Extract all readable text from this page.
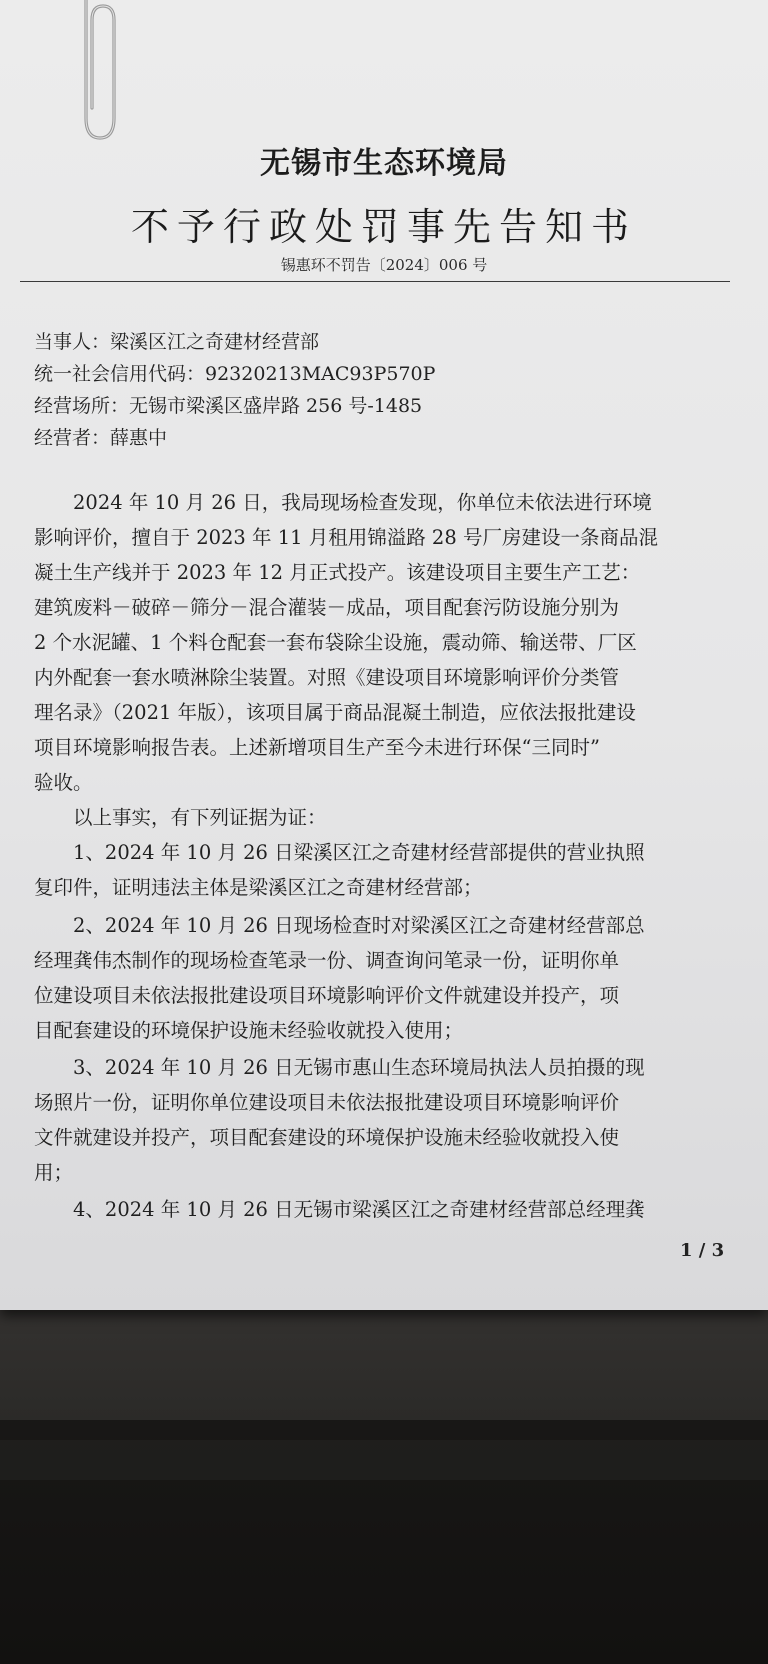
无锡市生态环境局
不予行政处罚事先告知书
锡惠环不罚告〔2024〕006 号
当事人：梁溪区江之奇建材经营部
统一社会信用代码：92320213MAC93P570P
经营场所：无锡市梁溪区盛岸路 256 号-1485
经营者：薛惠中
　　2024 年 10 月 26 日，我局现场检查发现，你单位未依法进行环境
影响评价，擅自于 2023 年 11 月租用锦溢路 28 号厂房建设一条商品混
凝土生产线并于 2023 年 12 月正式投产。该建设项目主要生产工艺：
建筑废料－破碎－筛分－混合灌装－成品，项目配套污防设施分别为
2 个水泥罐、1 个料仓配套一套布袋除尘设施，震动筛、输送带、厂区
内外配套一套水喷淋除尘装置。对照《建设项目环境影响评价分类管
理名录》（2021 年版），该项目属于商品混凝土制造，应依法报批建设
项目环境影响报告表。上述新增项目生产至今未进行环保“三同时”
验收。
　　以上事实，有下列证据为证：
　　1、2024 年 10 月 26 日梁溪区江之奇建材经营部提供的营业执照
复印件，证明违法主体是梁溪区江之奇建材经营部；
　　2、2024 年 10 月 26 日现场检查时对梁溪区江之奇建材经营部总
经理龚伟杰制作的现场检查笔录一份、调查询问笔录一份，证明你单
位建设项目未依法报批建设项目环境影响评价文件就建设并投产，项
目配套建设的环境保护设施未经验收就投入使用；
　　3、2024 年 10 月 26 日无锡市惠山生态环境局执法人员拍摄的现
场照片一份，证明你单位建设项目未依法报批建设项目环境影响评价
文件就建设并投产，项目配套建设的环境保护设施未经验收就投入使
用；
　　4、2024 年 10 月 26 日无锡市梁溪区江之奇建材经营部总经理龚
1 / 3
